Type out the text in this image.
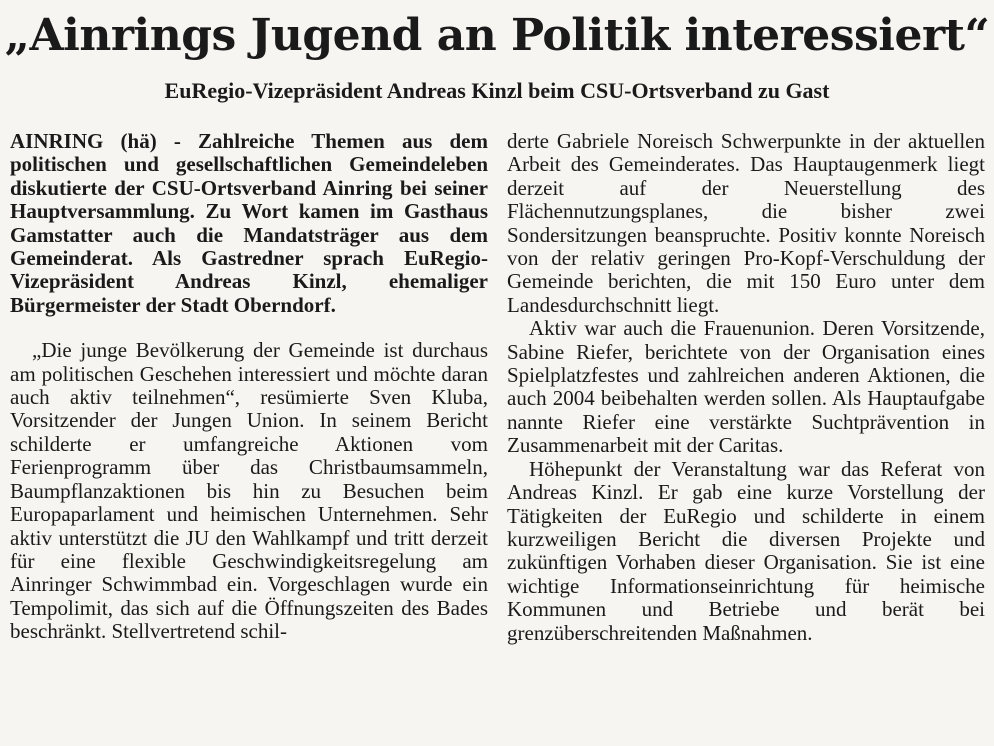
„Ainrings Jugend an Politik interessiert“
EuRegio-Vizepräsident Andreas Kinzl beim CSU-Ortsverband zu Gast

AINRING (hä) - Zahlreiche Themen aus dem politischen und gesellschaftlichen Gemeindeleben diskutierte der CSU-Ortsverband Ainring bei seiner Hauptversammlung. Zu Wort kamen im Gasthaus Gamstatter auch die Mandatsträger aus dem Gemeinderat. Als Gastredner sprach EuRegio-Vizepräsident Andreas Kinzl, ehemaliger Bürgermeister der Stadt Oberndorf.

„Die junge Bevölkerung der Gemeinde ist durchaus am politischen Geschehen interessiert und möchte daran auch aktiv teilnehmen“, resümierte Sven Kluba, Vorsitzender der Jungen Union. In seinem Bericht schilderte er umfangreiche Aktionen vom Ferienprogramm über das Christbaumsammeln, Baumpflanzaktionen bis hin zu Besuchen beim Europaparlament und heimischen Unternehmen. Sehr aktiv unterstützt die JU den Wahlkampf und tritt derzeit für eine flexible Geschwindigkeitsregelung am Ainringer Schwimmbad ein. Vorgeschlagen wurde ein Tempolimit, das sich auf die Öffnungszeiten des Bades beschränkt. Stellvertretend schil-

derte Gabriele Noreisch Schwerpunkte in der aktuellen Arbeit des Gemeinderates. Das Hauptaugenmerk liegt derzeit auf der Neuerstellung des Flächennutzungsplanes, die bisher zwei Sondersitzungen beanspruchte. Positiv konnte Noreisch von der relativ geringen Pro-Kopf-Verschuldung der Gemeinde berichten, die mit 150 Euro unter dem Landesdurchschnitt liegt.

Aktiv war auch die Frauenunion. Deren Vorsitzende, Sabine Riefer, berichtete von der Organisation eines Spielplatzfestes und zahlreichen anderen Aktionen, die auch 2004 beibehalten werden sollen. Als Hauptaufgabe nannte Riefer eine verstärkte Suchtprävention in Zusammenarbeit mit der Caritas.

Höhepunkt der Veranstaltung war das Referat von Andreas Kinzl. Er gab eine kurze Vorstellung der Tätigkeiten der EuRegio und schilderte in einem kurzweiligen Bericht die diversen Projekte und zukünftigen Vorhaben dieser Organisation. Sie ist eine wichtige Informationseinrichtung für heimische Kommunen und Betriebe und berät bei grenzüberschreitenden Maßnahmen.
